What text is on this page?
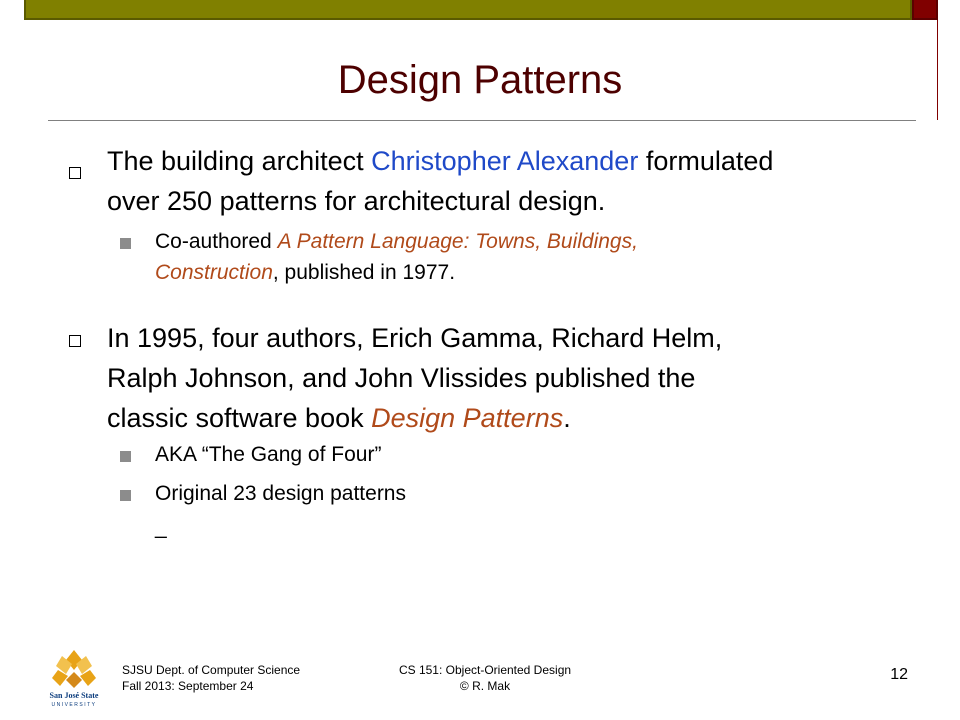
Design Patterns
The building architect Christopher Alexander formulated
over 250 patterns for architectural design.
Co-authored A Pattern Language: Towns, Buildings,
Construction, published in 1977.
In 1995, four authors, Erich Gamma, Richard Helm,
Ralph Johnson, and John Vlissides published the
classic software book Design Patterns.
AKA “The Gang of Four”
Original 23 design patterns
_
San José State
UNIVERSITY
SJSU Dept. of Computer Science
Fall 2013: September 24
CS 151: Object-Oriented Design
© R. Mak
12
